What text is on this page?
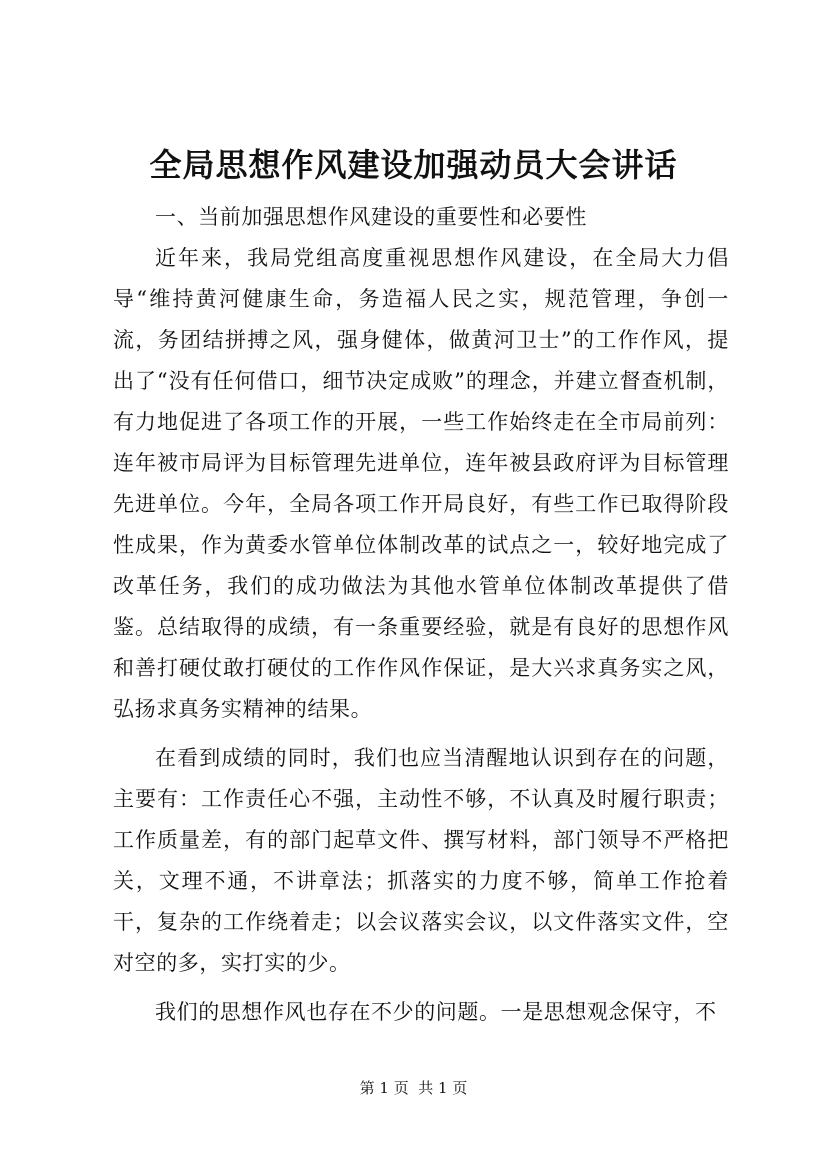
全局思想作风建设加强动员大会讲话
一、当前加强思想作风建设的重要性和必要性

近年来，我局党组高度重视思想作风建设，在全局大力倡导“维持黄河健康生命，务造福人民之实，规范管理，争创一流，务团结拼搏之风，强身健体，做黄河卫士”的工作作风，提出了“没有任何借口，细节决定成败”的理念，并建立督查机制，有力地促进了各项工作的开展，一些工作始终走在全市局前列：连年被市局评为目标管理先进单位，连年被县政府评为目标管理先进单位。今年，全局各项工作开局良好，有些工作已取得阶段性成果，作为黄委水管单位体制改革的试点之一，较好地完成了改革任务，我们的成功做法为其他水管单位体制改革提供了借鉴。总结取得的成绩，有一条重要经验，就是有良好的思想作风和善打硬仗敢打硬仗的工作作风作保证，是大兴求真务实之风，弘扬求真务实精神的结果。

在看到成绩的同时，我们也应当清醒地认识到存在的问题，主要有：工作责任心不强，主动性不够，不认真及时履行职责；工作质量差，有的部门起草文件、撰写材料，部门领导不严格把关，文理不通，不讲章法；抓落实的力度不够，简单工作抢着干，复杂的工作绕着走；以会议落实会议，以文件落实文件，空对空的多，实打实的少。

我们的思想作风也存在不少的问题。一是思想观念保守，不

第 1 页  共 1 页
